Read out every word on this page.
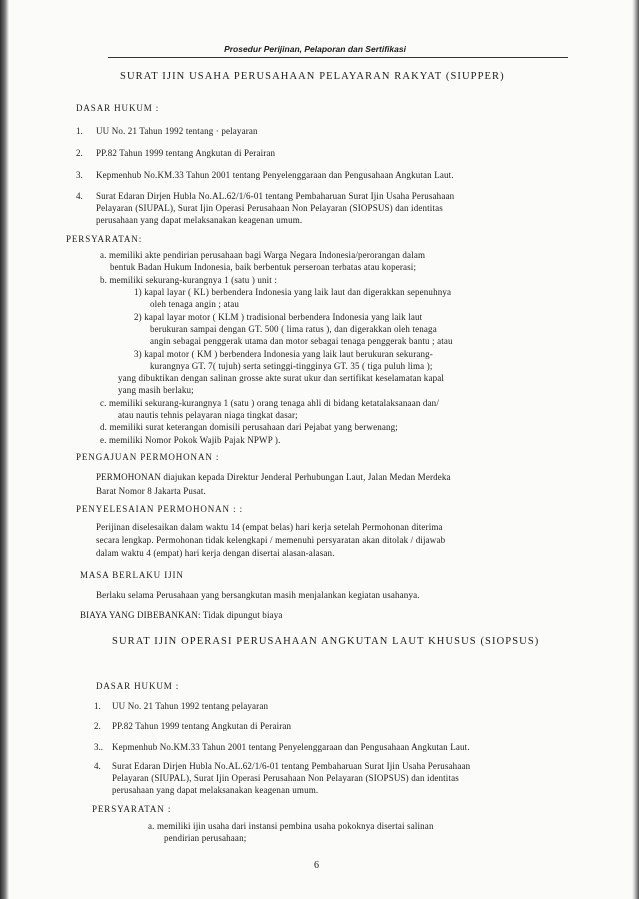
Prosedur Perijinan, Pelaporan dan Sertifikasi
SURAT IJIN USAHA PERUSAHAAN PELAYARAN RAKYAT (SIUPPER)
DASAR HUKUM :
1. UU No. 21 Tahun 1992 tentang · pelayaran
2. PP.82 Tahun 1999 tentang Angkutan di Perairan
3. Kepmenhub No.KM.33 Tahun 2001 tentang Penyelenggaraan dan Pengusahaan Angkutan Laut.
4. Surat Edaran Dirjen Hubla No.AL.62/1/6-01 tentang Pembaharuan Surat Ijin Usaha Perusahaan
Pelayaran (SIUPAL), Surat Ijin Operasi Perusahaan Non Pelayaran (SIOPSUS) dan identitas
perusahaan yang dapat melaksanakan keagenan umum.
PERSYARATAN:
a. memiliki akte pendirian perusahaan bagi Warga Negara Indonesia/perorangan dalam
bentuk Badan Hukum Indonesia, baik berbentuk perseroan terbatas atau koperasi;
b. memiliki sekurang-kurangnya 1 (satu ) unit :
1) kapal layar ( KL) berbendera Indonesia yang laik laut dan digerakkan sepenuhnya
oleh tenaga angin ; atau
2) kapal layar motor ( KLM ) tradisional berbendera Indonesia yang laik laut
berukuran sampai dengan GT. 500 ( lima ratus ), dan digerakkan oleh tenaga
angin sebagai penggerak utama dan motor sebagai tenaga penggerak bantu ; atau
3) kapal motor ( KM ) berbendera Indonesia yang laik laut berukuran sekurang-
kurangnya GT. 7( tujuh) serta setinggi-tingginya GT. 35 ( tiga puluh lima );
yang dibuktikan dengan salinan grosse akte surat ukur dan sertifikat keselamatan kapal
yang masih berlaku;
c. memiliki sekurang-kurangnya 1 (satu ) orang tenaga ahli di bidang ketatalaksanaan dan/
atau nautis tehnis pelayaran niaga tingkat dasar;
d. memiliki surat keterangan domisili perusahaan dari Pejabat yang berwenang;
e. memiliki Nomor Pokok Wajib Pajak NPWP ).
PENGAJUAN PERMOHONAN :
PERMOHONAN diajukan kepada Direktur Jenderal Perhubungan Laut, Jalan Medan Merdeka
Barat Nomor 8 Jakarta Pusat.
PENYELESAIAN PERMOHONAN : :
Perijinan diselesaikan dalam waktu 14 (empat belas) hari kerja setelah Permohonan diterima
secara lengkap. Permohonan tidak kelengkapi / memenuhi persyaratan akan ditolak / dijawab
dalam waktu 4 (empat) hari kerja dengan disertai alasan-alasan.
MASA BERLAKU IJIN
Berlaku selama Perusahaan yang bersangkutan masih menjalankan kegiatan usahanya.
BIAYA YANG DIBEBANKAN: Tidak dipungut biaya
SURAT IJIN OPERASI PERUSAHAAN ANGKUTAN LAUT KHUSUS (SIOPSUS)
DASAR HUKUM :
1. UU No. 21 Tahun 1992 tentang pelayaran
2. PP.82 Tahun 1999 tentang Angkutan di Perairan
3.. Kepmenhub No.KM.33 Tahun 2001 tentang Penyelenggaraan dan Pengusahaan Angkutan Laut.
4. Surat Edaran Dirjen Hubla No.AL.62/1/6-01 tentang Pembaharuan Surat Ijin Usaha Perusahaan
Pelayaran (SIUPAL), Surat Ijin Operasi Perusahaan Non Pelayaran (SIOPSUS) dan identitas
perusahaan yang dapat melaksanakan keagenan umum.
PERSYARATAN :
a. memiliki ijin usaha dari instansi pembina usaha pokoknya disertai salinan
pendirian perusahaan;
6
